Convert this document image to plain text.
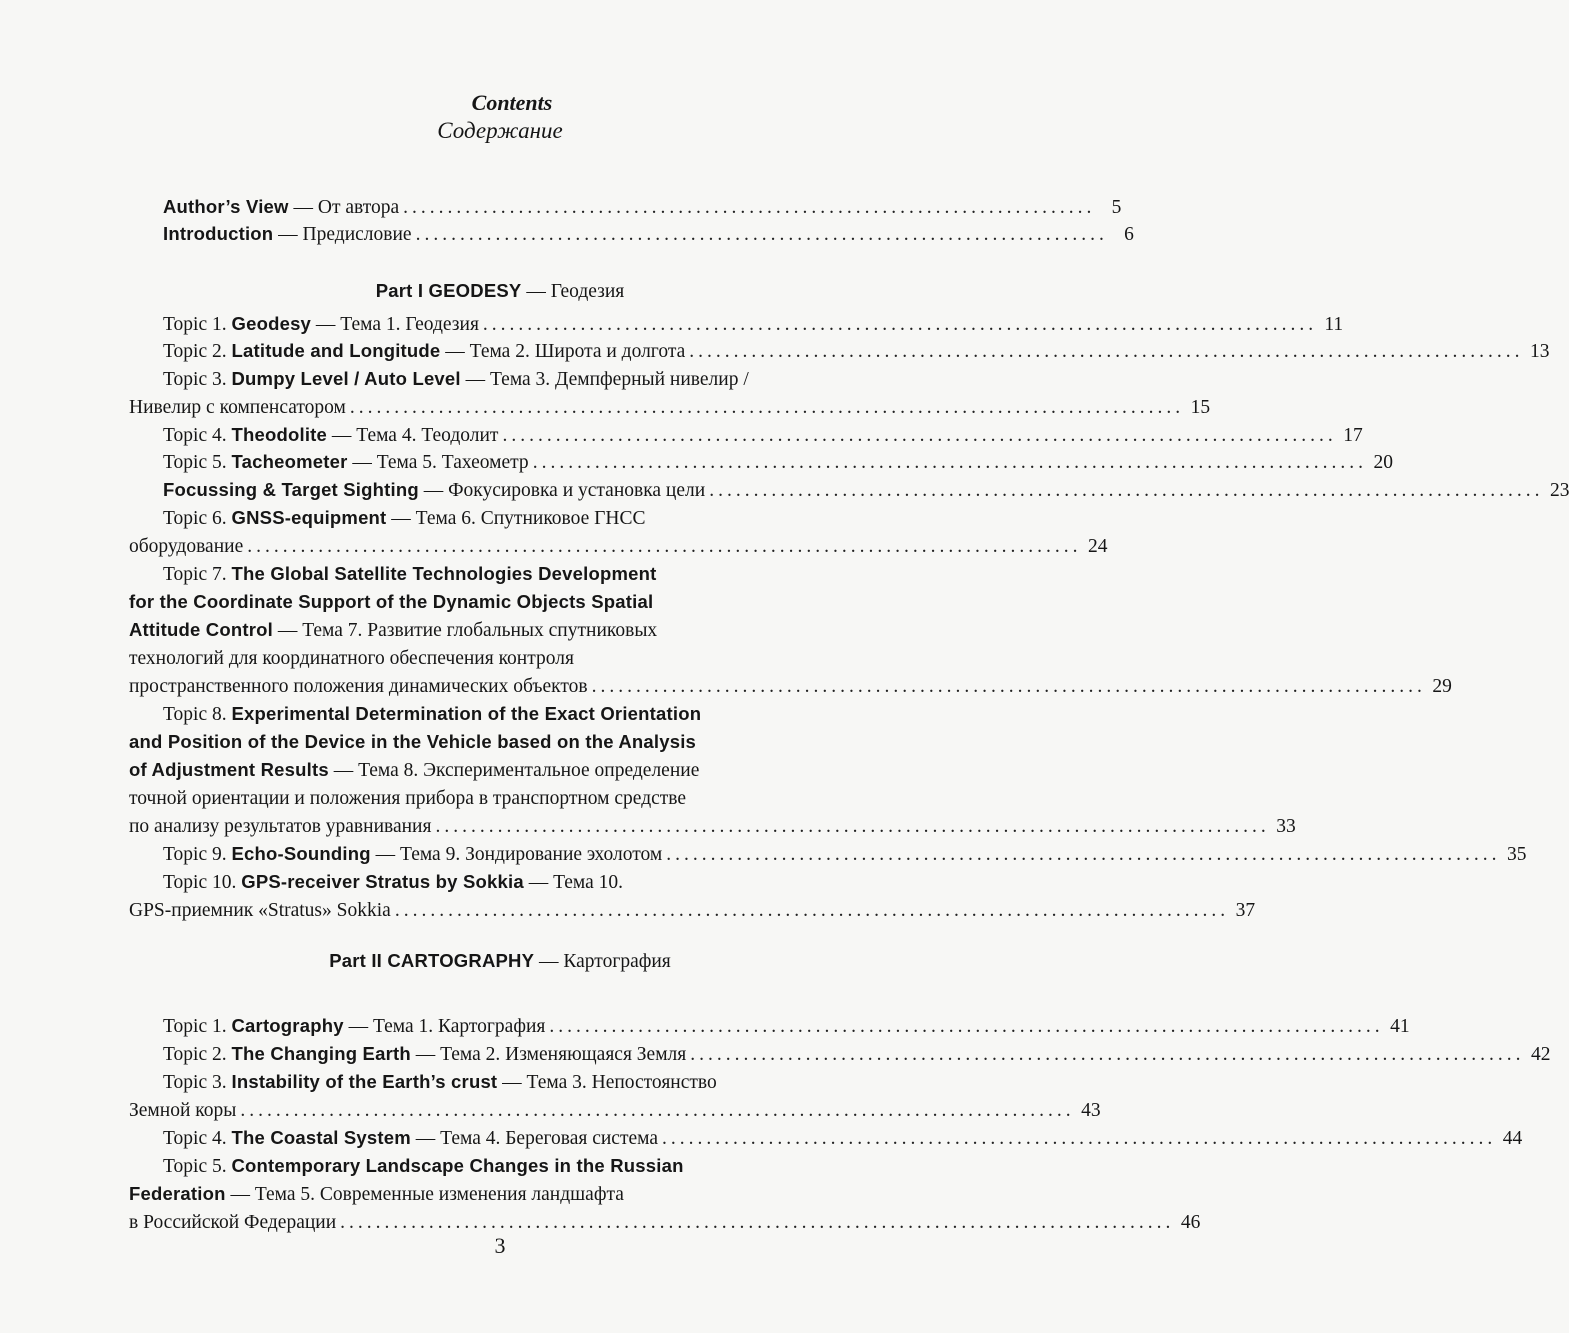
Contents
Содержание
Author’s View — От автора .............................................................................. 5
Introduction — Предисловие .............................................................................. 6
Part I GEODESY — Геодезия
Part II CARTOGRAPHY — Картография
Topic 1. Geodesy — Тема 1. Геодезия .............................................................................................. 11
Topic 2. Latitude and Longitude — Тема 2. Широта и долгота .............................................................................................. 13
Topic 3. Dumpy Level / Auto Level — Тема 3. Демпферный нивелир /
Нивелир с компенсатором .............................................................................................. 15
Topic 4. Theodolite — Тема 4. Теодолит .............................................................................................. 17
Topic 5. Tacheometer — Тема 5. Тахеометр .............................................................................................. 20
Focussing & Target Sighting — Фокусировка и установка цели .............................................................................................. 23
Topic 6. GNSS-equipment — Тема 6. Спутниковое ГНСС
оборудование .............................................................................................. 24
Topic 7. The Global Satellite Technologies Development
for the Coordinate Support of the Dynamic Objects Spatial
Attitude Control — Тема 7. Развитие глобальных спутниковых
технологий для координатного обеспечения контроля
пространственного положения динамических объектов .............................................................................................. 29
Topic 8. Experimental Determination of the Exact Orientation
and Position of the Device in the Vehicle based on the Analysis
of Adjustment Results — Тема 8. Экспериментальное определение
точной ориентации и положения прибора в транспортном средстве
по анализу результатов уравнивания .............................................................................................. 33
Topic 9. Echo-Sounding — Тема 9. Зондирование эхолотом .............................................................................................. 35
Topic 10. GPS-receiver Stratus by Sokkia — Тема 10.
GPS-приемник «Stratus» Sokkia .............................................................................................. 37
Topic 1. Cartography — Тема 1. Картография .............................................................................................. 41
Topic 2. The Changing Earth — Тема 2. Изменяющаяся Земля .............................................................................................. 42
Topic 3. Instability of the Earth’s crust — Тема 3. Непостоянство
Земной коры .............................................................................................. 43
Topic 4. The Coastal System — Тема 4. Береговая система .............................................................................................. 44
Topic 5. Contemporary Landscape Changes in the Russian
Federation — Тема 5. Современные изменения ландшафта
в Российской Федерации .............................................................................................. 46
3
